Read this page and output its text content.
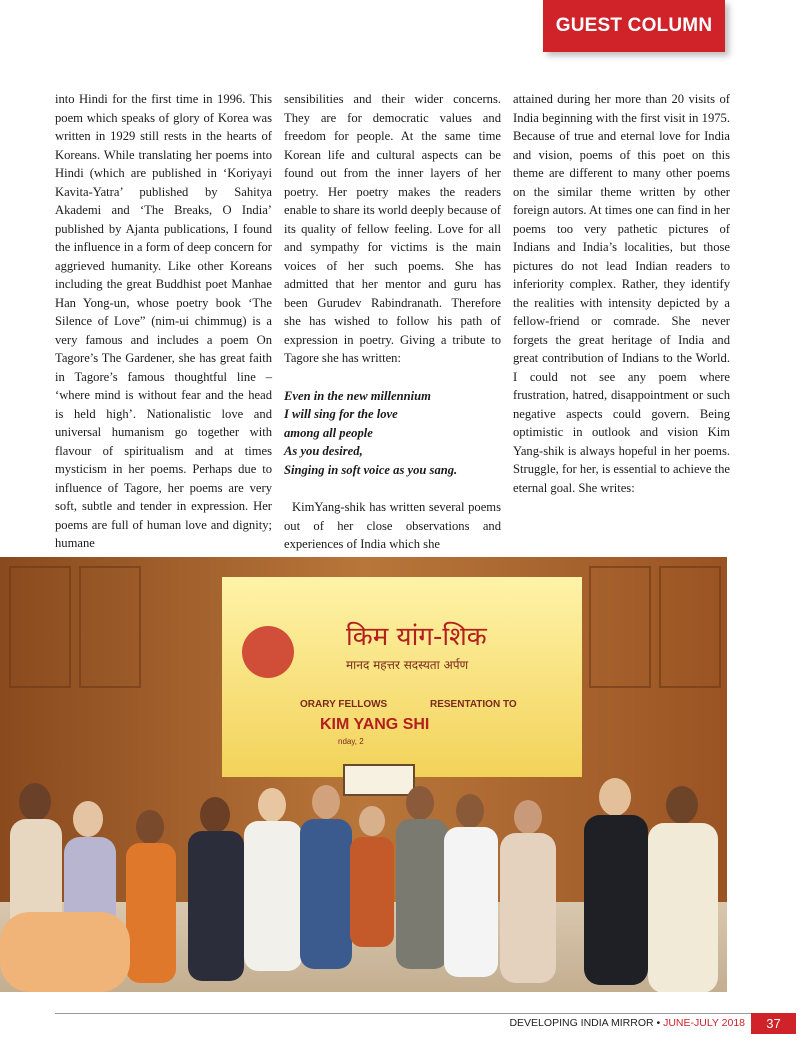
GUEST COLUMN

into Hindi for the first time in 1996. This poem which speaks of glory of Korea was written in 1929 still rests in the hearts of Koreans. While translating her poems into Hindi (which are published in ‘Koriyayi Kavita-Yatra’ published by Sahitya Akademi and ‘The Breaks, O India’ published by Ajanta publications, I found the influence in a form of deep concern for aggrieved humanity. Like other Koreans including the great Buddhist poet Manhae Han Yong-un, whose poetry book ‘The Silence of Love” (nim-ui chimmug) is a very famous and includes a poem On Tagore’s The Gardener, she has great faith in Tagore’s famous thoughtful line – ‘where mind is without fear and the head is held high’. Nationalistic love and universal humanism go together with flavour of spiritualism and at times mysticism in her poems. Perhaps due to influence of Tagore, her poems are very soft, subtle and tender in expression. Her poems are full of human love and dignity; humane

sensibilities and their wider concerns. They are for democratic values and freedom for people. At the same time Korean life and cultural aspects can be found out from the inner layers of her poetry. Her poetry makes the readers enable to share its world deeply because of its quality of fellow feeling. Love for all and sympathy for victims is the main voices of her such poems. She has admitted that her mentor and guru has been Gurudev Rabindranath. Therefore she has wished to follow his path of expression in poetry. Giving a tribute to Tagore she has written:

Even in the new millennium
I will sing for the love
among all people
As you desired,
Singing in soft voice as you sang.

KimYang-shik has written several poems out of her close observations and experiences of India which she

attained during her more than 20 visits of India beginning with the first visit in 1975. Because of true and eternal love for India and vision, poems of this poet on this theme are different to many other poems on the similar theme written by other foreign autors. At times one can find in her poems too very pathetic pictures of Indians and India’s localities, but those pictures do not lead Indian readers to inferiority complex. Rather, they identify the realities with intensity depicted by a fellow-friend or comrade. She never forgets the great heritage of India and great contribution of Indians to the World. I could not see any poem where frustration, hatred, disappointment or such negative aspects could govern. Being optimistic in outlook and vision Kim Yang-shik is always hopeful in her poems. Struggle, for her, is essential to achieve the eternal goal. She writes:

किम यांग-शिक
मानद महत्तर सदस्यता अर्पण
ORARY FELLOWS	RESENTATION TO
KIM YANG SHI
nday, 2
DEVELOPING INDIA MIRROR • JUNE-JULY 2018 37
